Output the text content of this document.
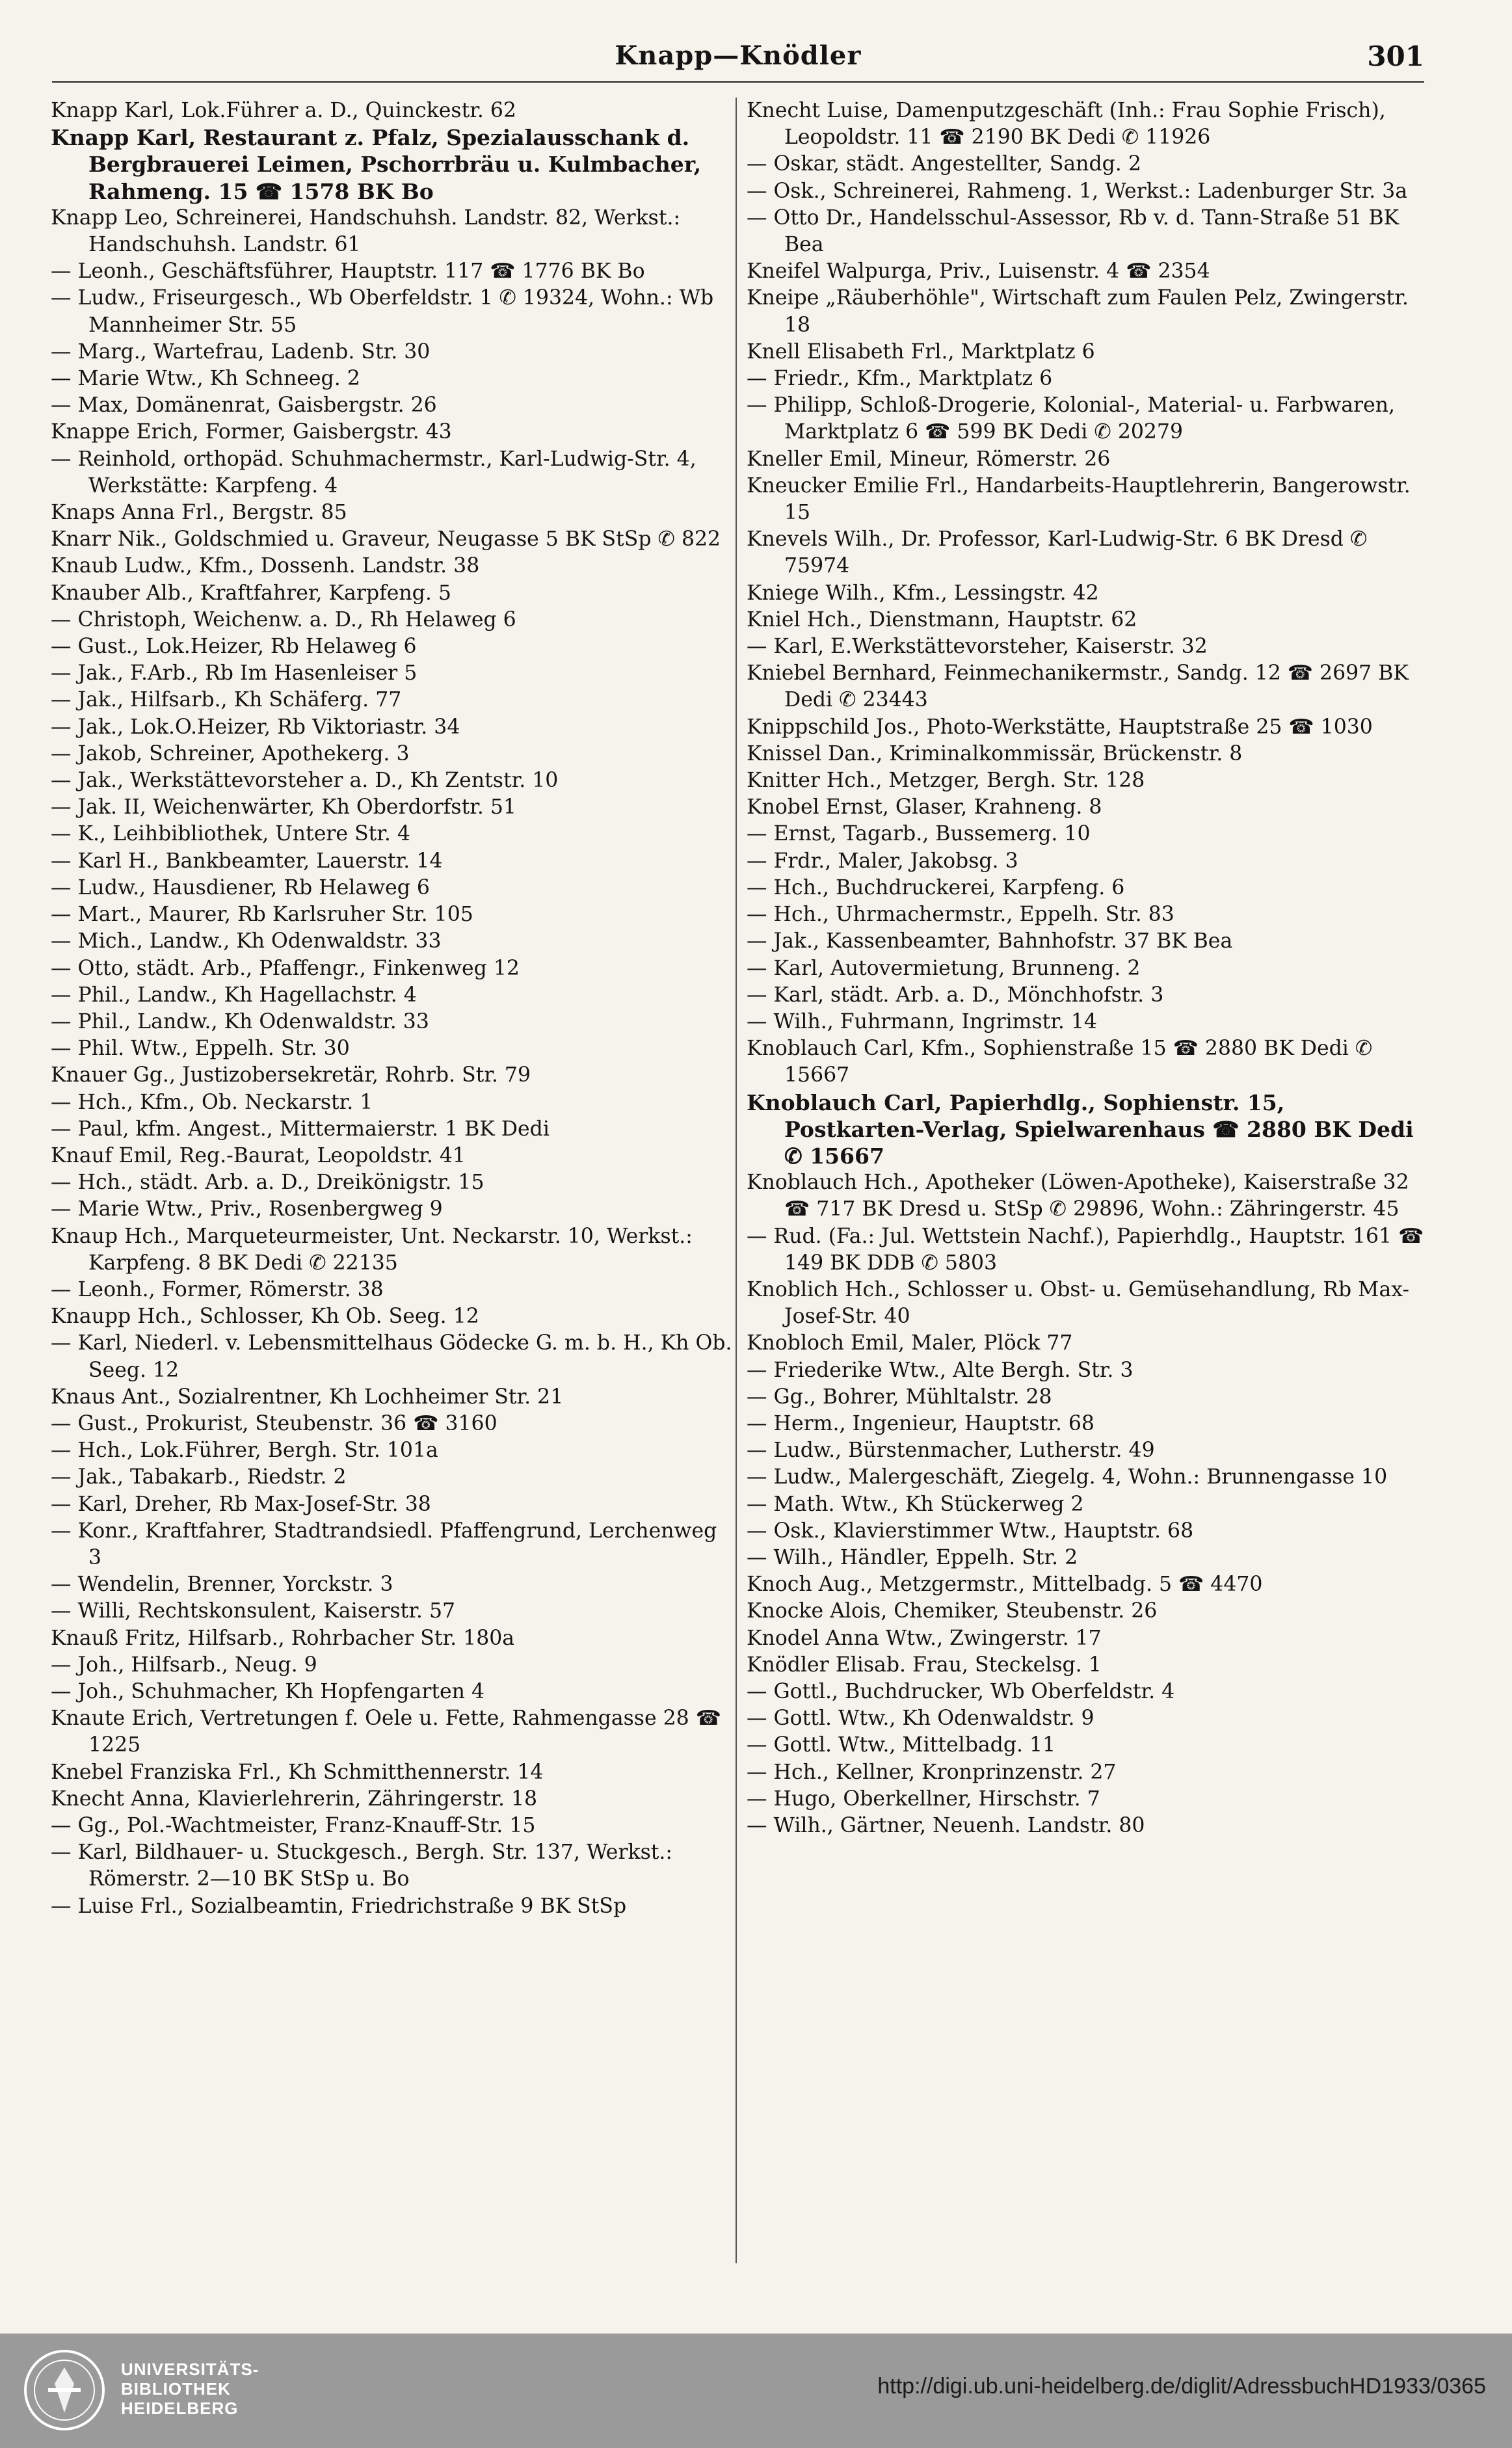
Knapp—Knödler	301
Knapp Karl, Lok.Führer a. D., Quinckestr. 62
Knapp Karl, Restaurant z. Pfalz, Spezialausschank d. Bergbrauerei Leimen, Pschorrbräu u. Kulmbacher, Rahmeng. 15 ☎ 1578 BK Bo
Knapp Leo, Schreinerei, Handschuhsh. Landstr. 82, Werkst.: Handschuhsh. Landstr. 61
— Leonh., Geschäftsführer, Hauptstr. 117 ☎ 1776 BK Bo
— Ludw., Friseurgesch., Wb Oberfeldstr. 1 ✆ 19324, Wohn.: Wb Mannheimer Str. 55
— Marg., Wartefrau, Ladenb. Str. 30
— Marie Wtw., Kh Schneeg. 2
— Max, Domänenrat, Gaisbergstr. 26
Knappe Erich, Former, Gaisbergstr. 43
— Reinhold, orthopäd. Schuhmachermstr., Karl-Ludwig-Str. 4, Werkstätte: Karpfeng. 4
Knaps Anna Frl., Bergstr. 85
Knarr Nik., Goldschmied u. Graveur, Neugasse 5 BK StSp ✆ 822
Knaub Ludw., Kfm., Dossenh. Landstr. 38
Knauber Alb., Kraftfahrer, Karpfeng. 5
— Christoph, Weichenw. a. D., Rh Helaweg 6
— Gust., Lok.Heizer, Rb Helaweg 6
— Jak., F.Arb., Rb Im Hasenleiser 5
— Jak., Hilfsarb., Kh Schäferg. 77
— Jak., Lok.O.Heizer, Rb Viktoriastr. 34
— Jakob, Schreiner, Apothekerg. 3
— Jak., Werkstättevorsteher a. D., Kh Zentstr. 10
— Jak. II, Weichenwärter, Kh Oberdorfstr. 51
— K., Leihbibliothek, Untere Str. 4
— Karl H., Bankbeamter, Lauerstr. 14
— Ludw., Hausdiener, Rb Helaweg 6
— Mart., Maurer, Rb Karlsruher Str. 105
— Mich., Landw., Kh Odenwaldstr. 33
— Otto, städt. Arb., Pfaffengr., Finkenweg 12
— Phil., Landw., Kh Hagellachstr. 4
— Phil., Landw., Kh Odenwaldstr. 33
— Phil. Wtw., Eppelh. Str. 30
Knauer Gg., Justizobersekretär, Rohrb. Str. 79
— Hch., Kfm., Ob. Neckarstr. 1
— Paul, kfm. Angest., Mittermaierstr. 1 BK Dedi
Knauf Emil, Reg.-Baurat, Leopoldstr. 41
— Hch., städt. Arb. a. D., Dreikönigstr. 15
— Marie Wtw., Priv., Rosenbergweg 9
Knaup Hch., Marqueteurmeister, Unt. Neckarstr. 10, Werkst.: Karpfeng. 8 BK Dedi ✆ 22135
— Leonh., Former, Römerstr. 38
Knaupp Hch., Schlosser, Kh Ob. Seeg. 12
— Karl, Niederl. v. Lebensmittelhaus Gödecke G. m. b. H., Kh Ob. Seeg. 12
Knaus Ant., Sozialrentner, Kh Lochheimer Str. 21
— Gust., Prokurist, Steubenstr. 36 ☎ 3160
— Hch., Lok.Führer, Bergh. Str. 101a
— Jak., Tabakarb., Riedstr. 2
— Karl, Dreher, Rb Max-Josef-Str. 38
— Konr., Kraftfahrer, Stadtrandsiedl. Pfaffengrund, Lerchenweg 3
— Wendelin, Brenner, Yorckstr. 3
— Willi, Rechtskonsulent, Kaiserstr. 57
Knauß Fritz, Hilfsarb., Rohrbacher Str. 180a
— Joh., Hilfsarb., Neug. 9
— Joh., Schuhmacher, Kh Hopfengarten 4
Knaute Erich, Vertretungen f. Oele u. Fette, Rahmengasse 28 ☎ 1225
Knebel Franziska Frl., Kh Schmitthennerstr. 14
Knecht Anna, Klavierlehrerin, Zähringerstr. 18
— Gg., Pol.-Wachtmeister, Franz-Knauff-Str. 15
— Karl, Bildhauer- u. Stuckgesch., Bergh. Str. 137, Werkst.: Römerstr. 2—10 BK StSp u. Bo
— Luise Frl., Sozialbeamtin, Friedrichstraße 9 BK StSp
Knecht Luise, Damenputzgeschäft (Inh.: Frau Sophie Frisch), Leopoldstr. 11 ☎ 2190 BK Dedi ✆ 11926
— Oskar, städt. Angestellter, Sandg. 2
— Osk., Schreinerei, Rahmeng. 1, Werkst.: Ladenburger Str. 3a
— Otto Dr., Handelsschul-Assessor, Rb v. d. Tann-Straße 51 BK Bea
Kneifel Walpurga, Priv., Luisenstr. 4 ☎ 2354
Kneipe „Räuberhöhle", Wirtschaft zum Faulen Pelz, Zwingerstr. 18
Knell Elisabeth Frl., Marktplatz 6
— Friedr., Kfm., Marktplatz 6
— Philipp, Schloß-Drogerie, Kolonial-, Material- u. Farbwaren, Marktplatz 6 ☎ 599 BK Dedi ✆ 20279
Kneller Emil, Mineur, Römerstr. 26
Kneucker Emilie Frl., Handarbeits-Hauptlehrerin, Bangerowstr. 15
Knevels Wilh., Dr. Professor, Karl-Ludwig-Str. 6 BK Dresd ✆ 75974
Kniege Wilh., Kfm., Lessingstr. 42
Kniel Hch., Dienstmann, Hauptstr. 62
— Karl, E.Werkstättevorsteher, Kaiserstr. 32
Kniebel Bernhard, Feinmechanikermstr., Sandg. 12 ☎ 2697 BK Dedi ✆ 23443
Knippschild Jos., Photo-Werkstätte, Hauptstraße 25 ☎ 1030
Knissel Dan., Kriminalkommissär, Brückenstr. 8
Knitter Hch., Metzger, Bergh. Str. 128
Knobel Ernst, Glaser, Krahneng. 8
— Ernst, Tagarb., Bussemerg. 10
— Frdr., Maler, Jakobsg. 3
— Hch., Buchdruckerei, Karpfeng. 6
— Hch., Uhrmachermstr., Eppelh. Str. 83
— Jak., Kassenbeamter, Bahnhofstr. 37 BK Bea
— Karl, Autovermietung, Brunneng. 2
— Karl, städt. Arb. a. D., Mönchhofstr. 3
— Wilh., Fuhrmann, Ingrimstr. 14
Knoblauch Carl, Kfm., Sophienstraße 15 ☎ 2880 BK Dedi ✆ 15667
Knoblauch Carl, Papierhdlg., Sophienstr. 15, Postkarten-Verlag, Spielwarenhaus ☎ 2880 BK Dedi ✆ 15667
Knoblauch Hch., Apotheker (Löwen-Apotheke), Kaiserstraße 32 ☎ 717 BK Dresd u. StSp ✆ 29896, Wohn.: Zähringerstr. 45
— Rud. (Fa.: Jul. Wettstein Nachf.), Papierhdlg., Hauptstr. 161 ☎ 149 BK DDB ✆ 5803
Knoblich Hch., Schlosser u. Obst- u. Gemüsehandlung, Rb Max-Josef-Str. 40
Knobloch Emil, Maler, Plöck 77
— Friederike Wtw., Alte Bergh. Str. 3
— Gg., Bohrer, Mühltalstr. 28
— Herm., Ingenieur, Hauptstr. 68
— Ludw., Bürstenmacher, Lutherstr. 49
— Ludw., Malergeschäft, Ziegelg. 4, Wohn.: Brunnengasse 10
— Math. Wtw., Kh Stückerweg 2
— Osk., Klavierstimmer Wtw., Hauptstr. 68
— Wilh., Händler, Eppelh. Str. 2
Knoch Aug., Metzgermstr., Mittelbadg. 5 ☎ 4470
Knocke Alois, Chemiker, Steubenstr. 26
Knodel Anna Wtw., Zwingerstr. 17
Knödler Elisab. Frau, Steckelsg. 1
— Gottl., Buchdrucker, Wb Oberfeldstr. 4
— Gottl. Wtw., Kh Odenwaldstr. 9
— Gottl. Wtw., Mittelbadg. 11
— Hch., Kellner, Kronprinzenstr. 27
— Hugo, Oberkellner, Hirschstr. 7
— Wilh., Gärtner, Neuenh. Landstr. 80
UNIVERSITÄTS-
BIBLIOTHEK
HEIDELBERG
http://digi.ub.uni-heidelberg.de/diglit/AdressbuchHD1933/0365
